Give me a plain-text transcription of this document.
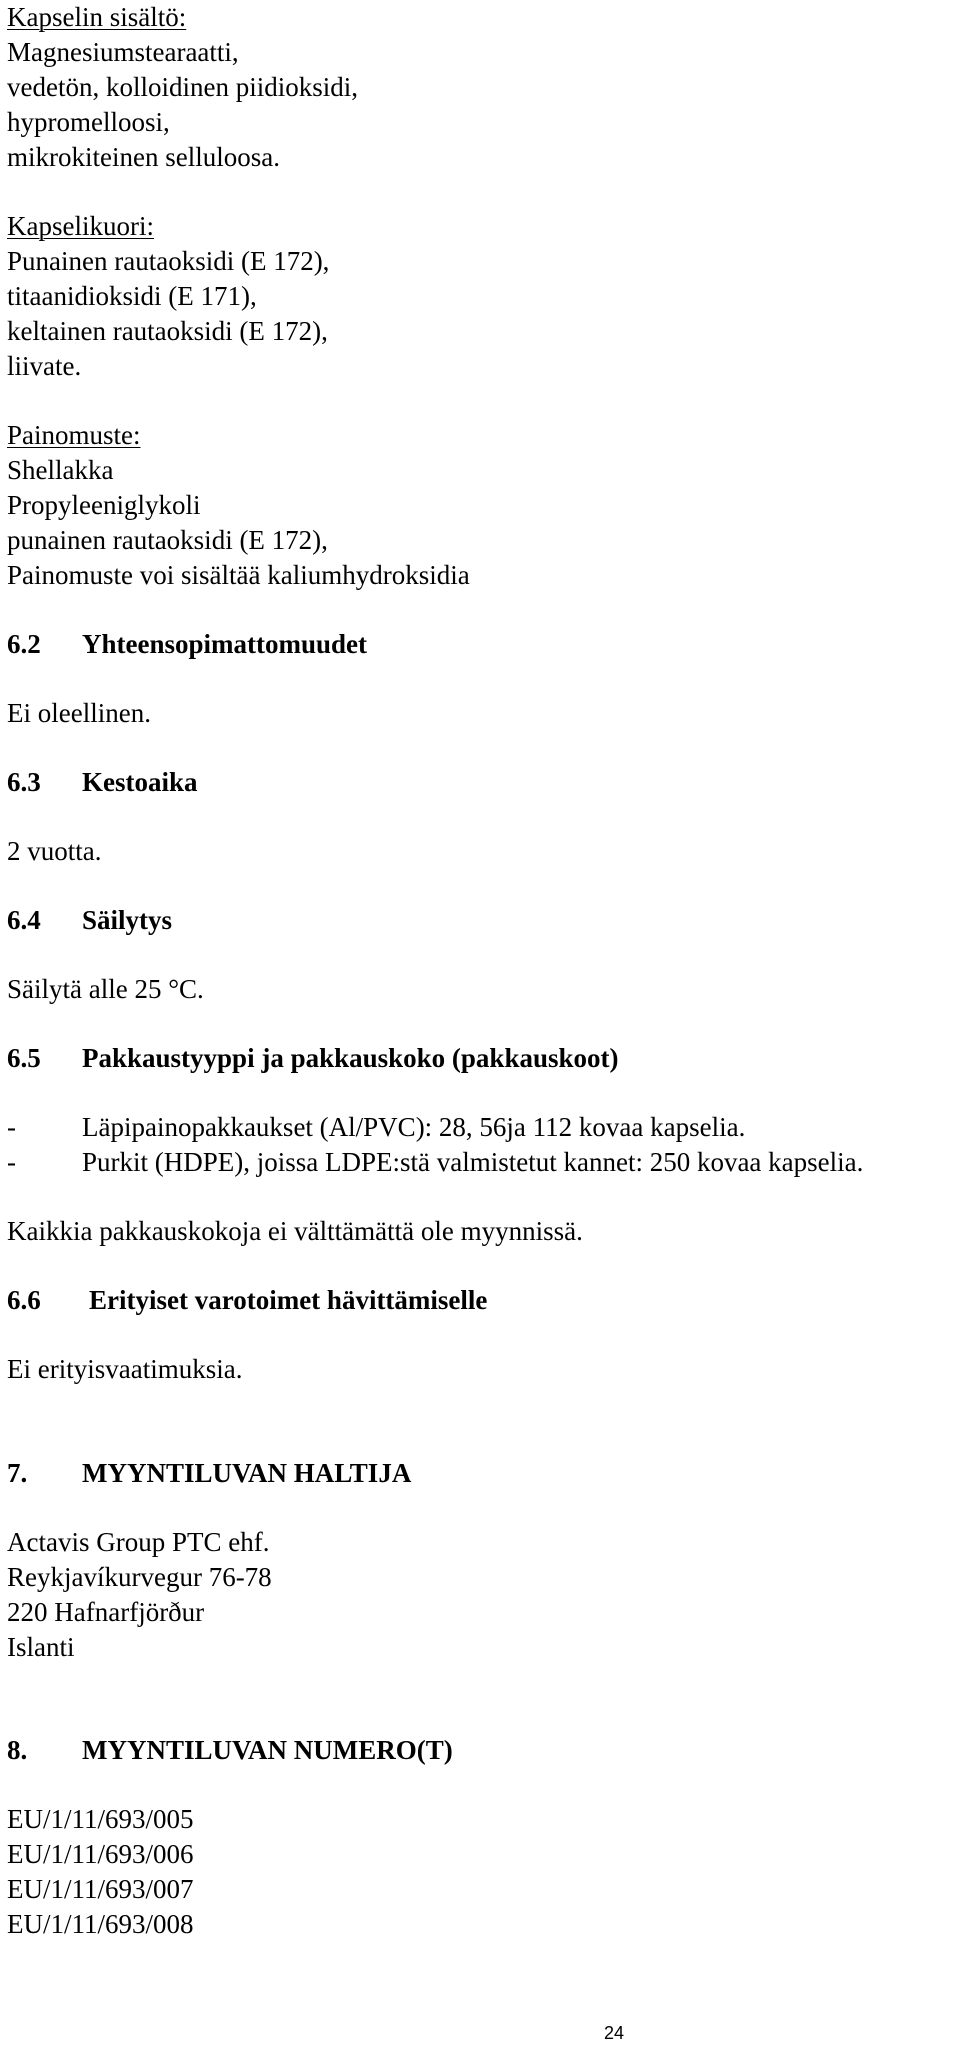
Kapselin sisältö:
Magnesiumstearaatti,
vedetön, kolloidinen piidioksidi,
hypromelloosi,
mikrokiteinen selluloosa.
Kapselikuori:
Punainen rautaoksidi (E 172),
titaanidioksidi (E 171),
keltainen rautaoksidi (E 172),
liivate.
Painomuste:
Shellakka
Propyleeniglykoli
punainen rautaoksidi (E 172),
Painomuste voi sisältää kaliumhydroksidia
6.2 Yhteensopimattomuudet
Ei oleellinen.
6.3 Kestoaika
2 vuotta.
6.4 Säilytys
Säilytä alle 25 °C.
6.5 Pakkaustyyppi ja pakkauskoko (pakkauskoot)
- Läpipainopakkaukset (Al/PVC): 28, 56ja 112 kovaa kapselia.
- Purkit (HDPE), joissa LDPE:stä valmistetut kannet: 250 kovaa kapselia.
Kaikkia pakkauskokoja ei välttämättä ole myynnissä.
6.6 Erityiset varotoimet hävittämiselle
Ei erityisvaatimuksia.
7. MYYNTILUVAN HALTIJA
Actavis Group PTC ehf.
Reykjavíkurvegur 76-78
220 Hafnarfjörður
Islanti
8. MYYNTILUVAN NUMERO(T)
EU/1/11/693/005
EU/1/11/693/006
EU/1/11/693/007
EU/1/11/693/008
24
